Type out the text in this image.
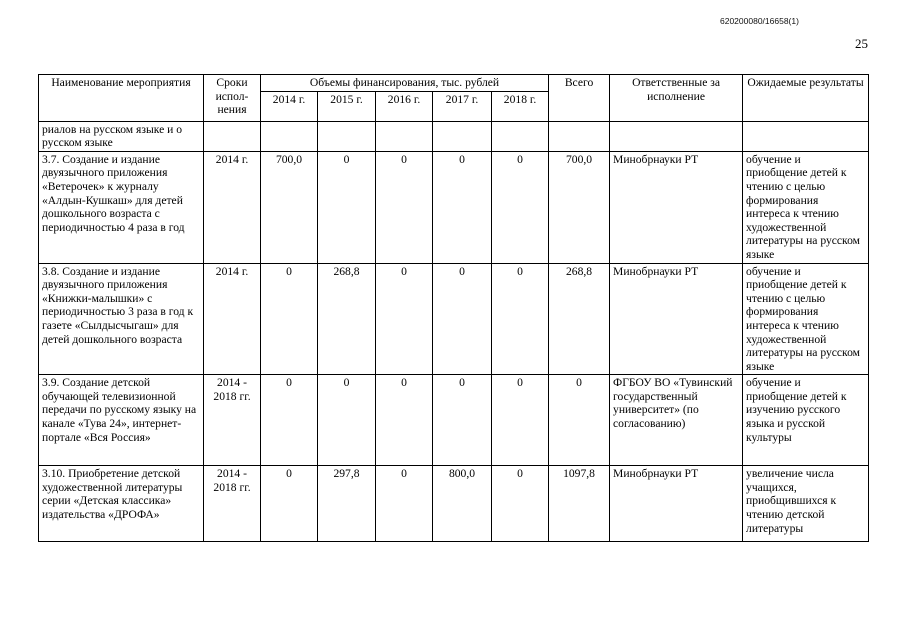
620200080/16658(1)
25
Наименование мероприятия	Сроки испол-нения	Объемы финансирования, тыс. рублей					Всего	Ответственные за исполнение	Ожидаемые результаты
		2014 г.	2015 г.	2016 г.	2017 г.	2018 г.			
риалов на русском языке и о русском языке									
3.7. Создание и издание двуязычного приложения «Ветерочек» к журналу «Алдын-Кушкаш» для детей дошкольного возраста с периодичностью 4 раза в год	2014 г.	700,0	0	0	0	0	700,0	Минобрнауки РТ	обучение и приобщение детей к чтению с целью формирования интереса к чтению художественной литературы на русском языке
3.8. Создание и издание двуязычного приложения «Книжки-малышки» с периодичностью 3 раза в год к газете «Сылдысчыгаш» для детей дошкольного возраста	2014 г.	0	268,8	0	0	0	268,8	Минобрнауки РТ	обучение и приобщение детей к чтению с целью формирования интереса к чтению художественной литературы на русском языке
3.9. Создание детской обучающей телевизионной передачи по русскому языку на канале «Тува 24», интернет-портале «Вся Россия»	2014 - 2018 гг.	0	0	0	0	0	0	ФГБОУ ВО «Тувинский государственный университет» (по согласованию)	обучение и приобщение детей к изучению русского языка и русской культуры
3.10. Приобретение детской художественной литературы серии «Детская классика» издательства «ДРОФА»	2014 - 2018 гг.	0	297,8	0	800,0	0	1097,8	Минобрнауки РТ	увеличение числа учащихся, приобщившихся к чтению детской литературы
